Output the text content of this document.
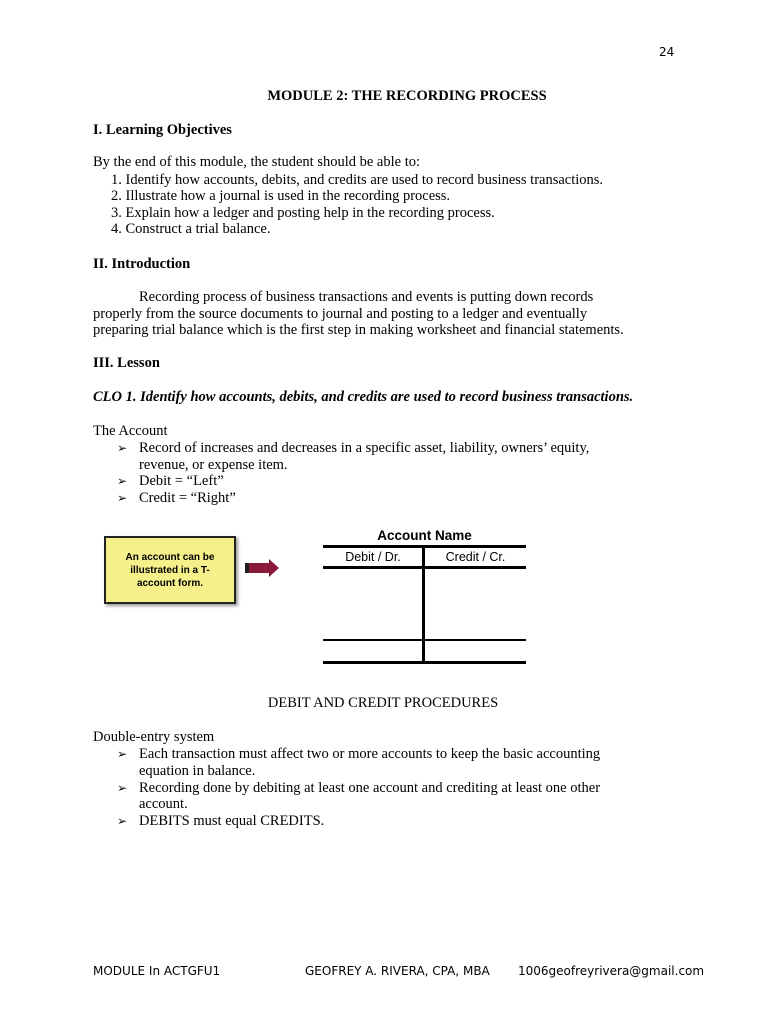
24
MODULE 2: THE RECORDING PROCESS
I. Learning Objectives
By the end of this module, the student should be able to:
1. Identify how accounts, debits, and credits are used to record business transactions.
2. Illustrate how a journal is used in the recording process.
3. Explain how a ledger and posting help in the recording process.
4. Construct a trial balance.
II. Introduction
Recording process of business transactions and events is putting down records
properly from the source documents to journal and posting to a ledger and eventually
preparing trial balance which is the first step in making worksheet and financial statements.
III. Lesson
CLO 1. Identify how accounts, debits, and credits are used to record business transactions.
The Account
➢ Record of increases and decreases in a specific asset, liability, owners’ equity,
revenue, or expense item.
➢ Debit = “Left”
➢ Credit = “Right”
An account can be illustrated in a T-account form.
Account Name
Debit / Dr.	Credit / Cr.
DEBIT AND CREDIT PROCEDURES
Double-entry system
➢ Each transaction must affect two or more accounts to keep the basic accounting
equation in balance.
➢ Recording done by debiting at least one account and crediting at least one other
account.
➢ DEBITS must equal CREDITS.
MODULE In ACTGFU1	GEOFREY A. RIVERA, CPA, MBA 1006geofreyrivera@gmail.com
